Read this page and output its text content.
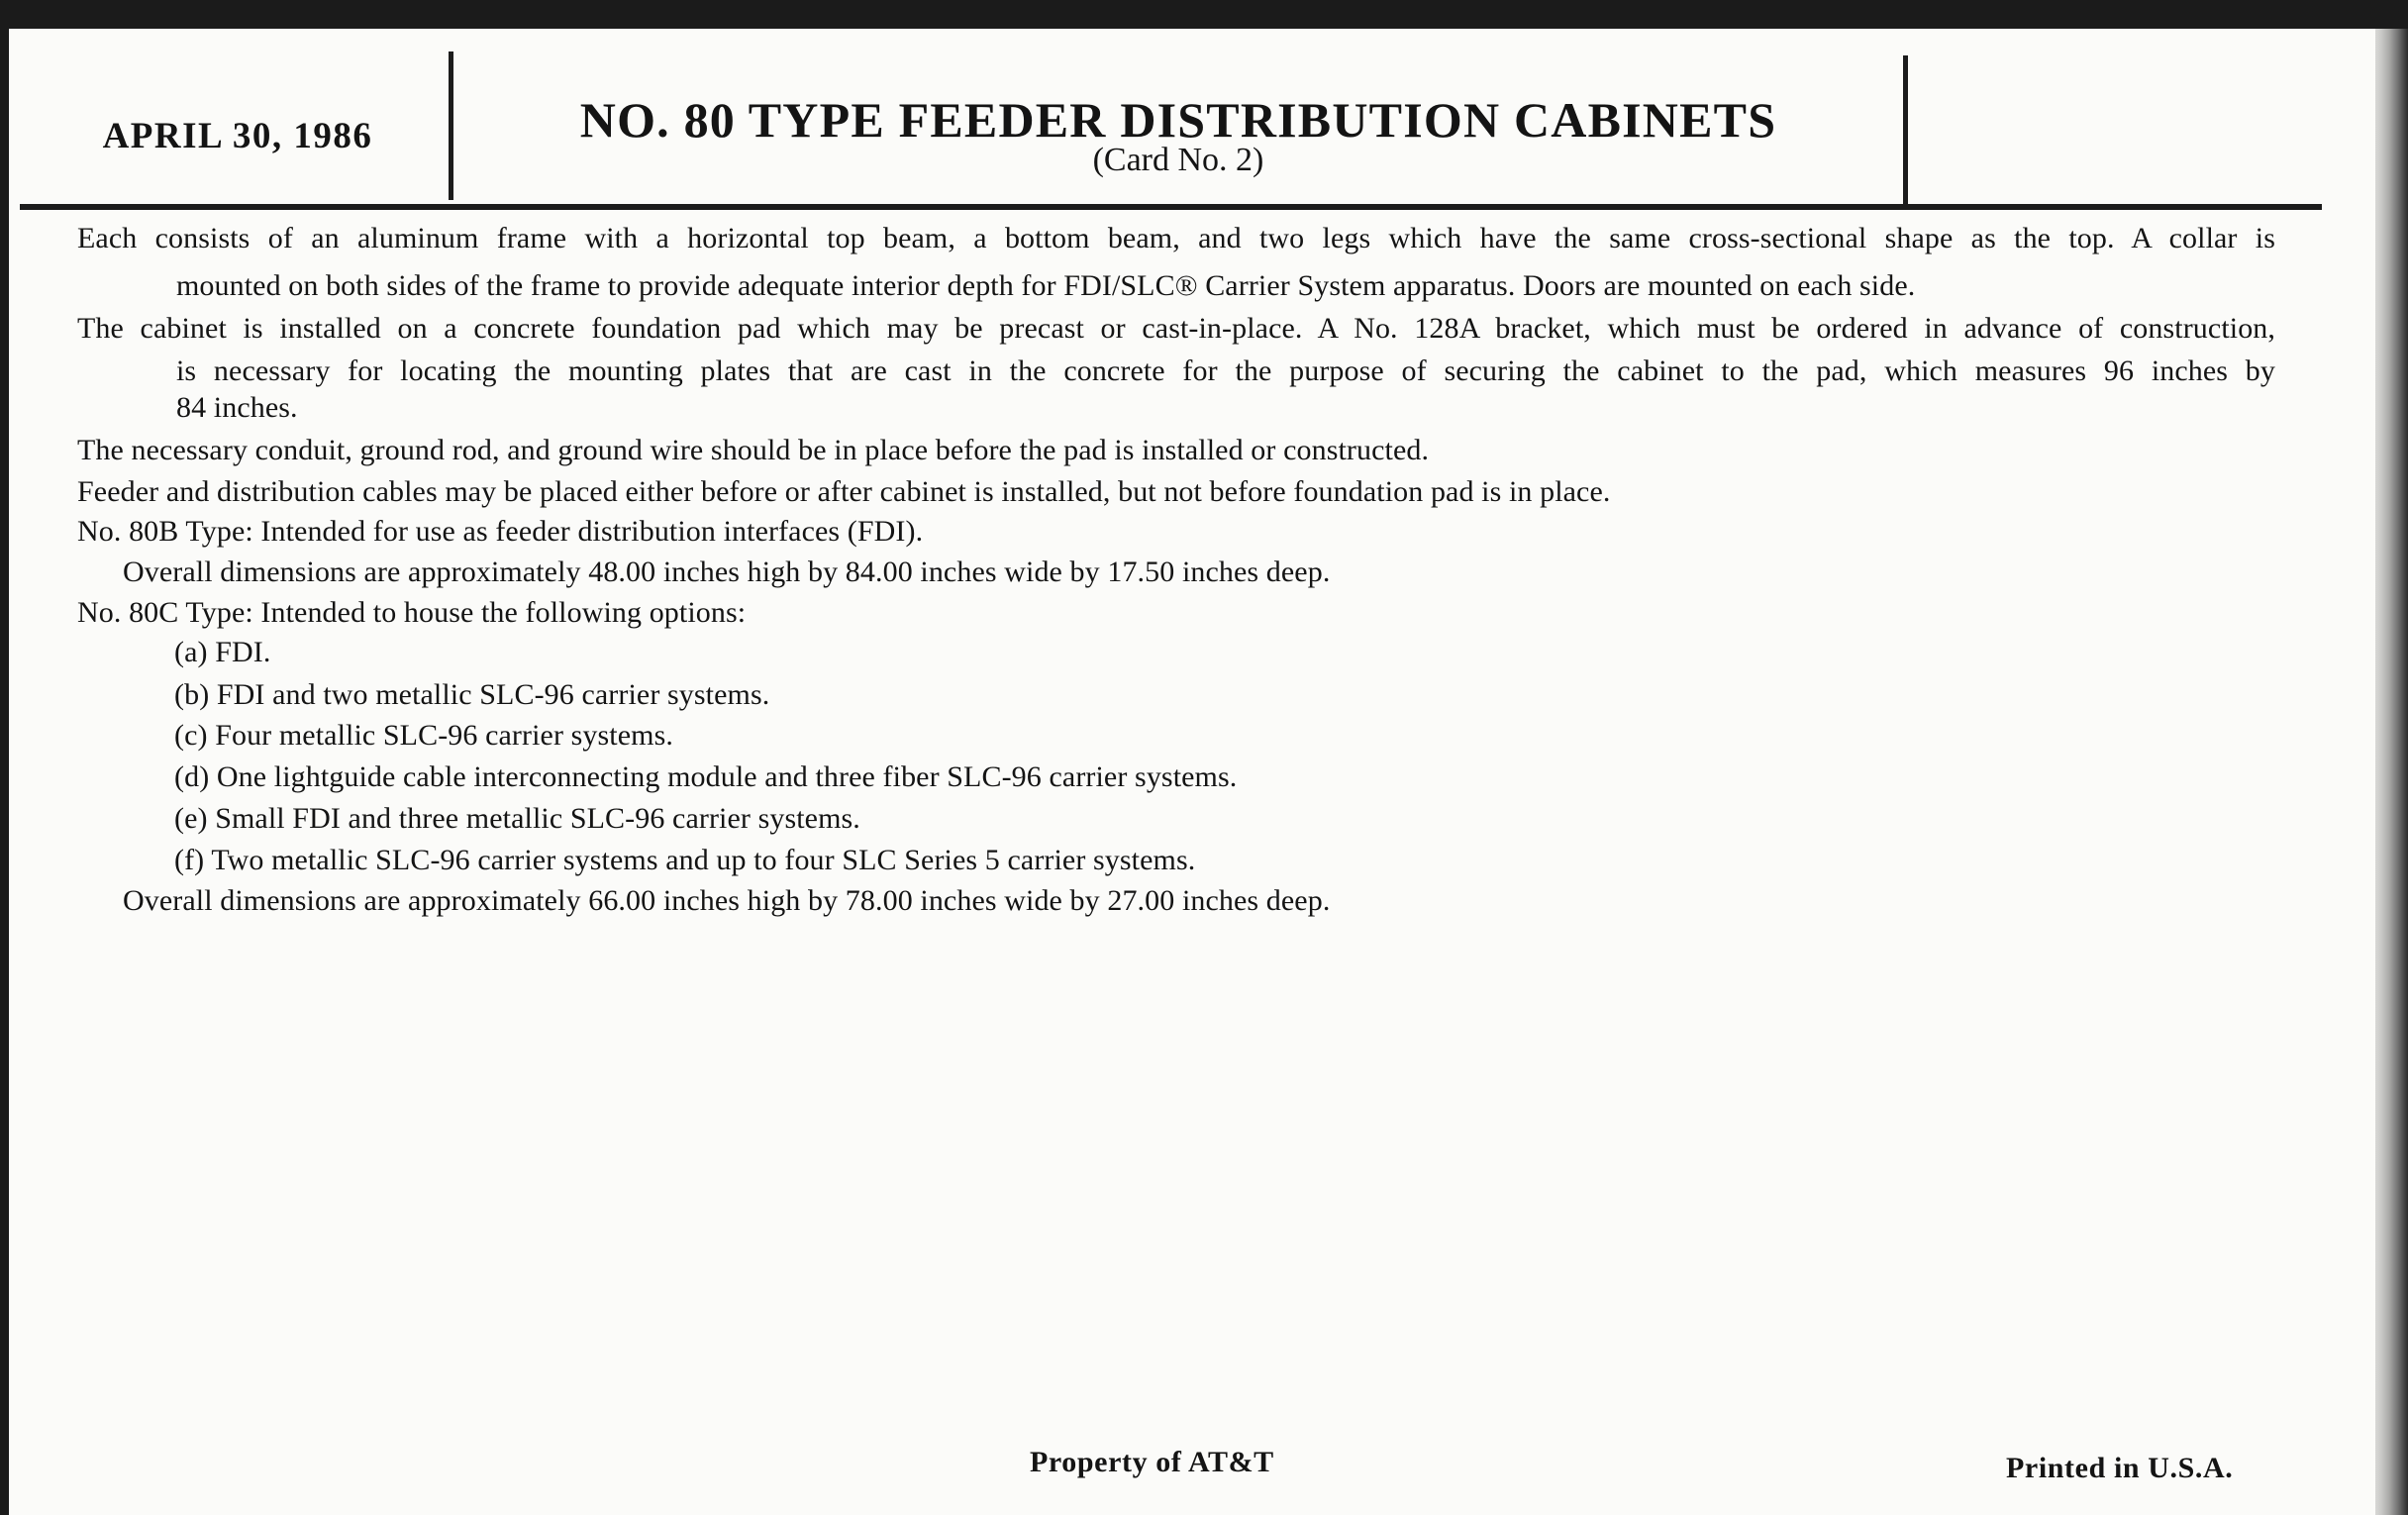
APRIL 30, 1986	NO. 80 TYPE FEEDER DISTRIBUTION CABINETS
(Card No. 2)
Each consists of an aluminum frame with a horizontal top beam, a bottom beam, and two legs which have the same cross-sectional shape as the top. A collar is
mounted on both sides of the frame to provide adequate interior depth for FDI/SLC® Carrier System apparatus. Doors are mounted on each side.
The cabinet is installed on a concrete foundation pad which may be precast or cast-in-place. A No. 128A bracket, which must be ordered in advance of construction,
is necessary for locating the mounting plates that are cast in the concrete for the purpose of securing the cabinet to the pad, which measures 96 inches by
84 inches.
The necessary conduit, ground rod, and ground wire should be in place before the pad is installed or constructed.
Feeder and distribution cables may be placed either before or after cabinet is installed, but not before foundation pad is in place.
No. 80B Type: Intended for use as feeder distribution interfaces (FDI).
Overall dimensions are approximately 48.00 inches high by 84.00 inches wide by 17.50 inches deep.
No. 80C Type: Intended to house the following options:
(a) FDI.
(b) FDI and two metallic SLC-96 carrier systems.
(c) Four metallic SLC-96 carrier systems.
(d) One lightguide cable interconnecting module and three fiber SLC-96 carrier systems.
(e) Small FDI and three metallic SLC-96 carrier systems.
(f) Two metallic SLC-96 carrier systems and up to four SLC Series 5 carrier systems.
Overall dimensions are approximately 66.00 inches high by 78.00 inches wide by 27.00 inches deep.
Property of AT&T	Printed in U.S.A.
